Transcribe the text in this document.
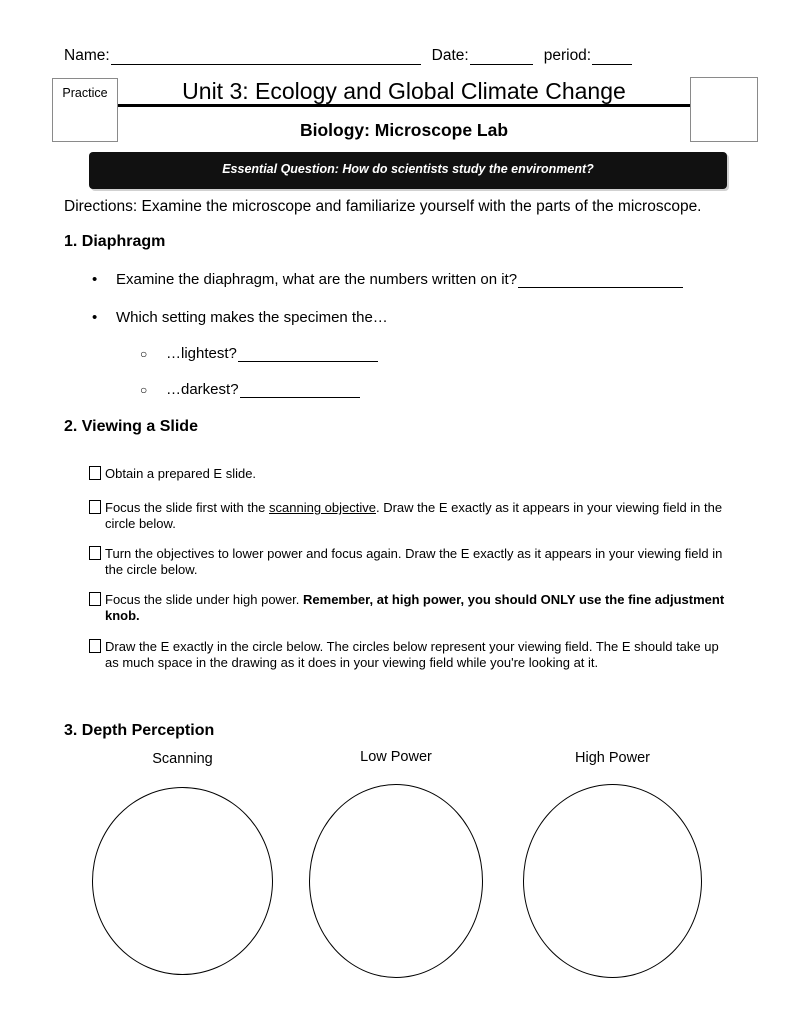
Name:	Date:	period:
Practice	Unit 3: Ecology and Global Climate Change
Biology: Microscope Lab
Essential Question: How do scientists study the environment?
Directions: Examine the microscope and familiarize yourself with the parts of the microscope.
1. Diaphragm
• Examine the diaphragm, what are the numbers written on it?
• Which setting makes the specimen the…
○ …lightest?
○ …darkest?
2. Viewing a Slide
Obtain a prepared E slide.
Focus the slide first with the scanning objective. Draw the E exactly as it appears in your viewing field in the circle below.
Turn the objectives to lower power and focus again. Draw the E exactly as it appears in your viewing field in the circle below.
Focus the slide under high power. Remember, at high power, you should ONLY use the fine adjustment knob.
Draw the E exactly in the circle below. The circles below represent your viewing field. The E should take up as much space in the drawing as it does in your viewing field while you're looking at it.
3. Depth Perception
Scanning	Low Power	High Power
